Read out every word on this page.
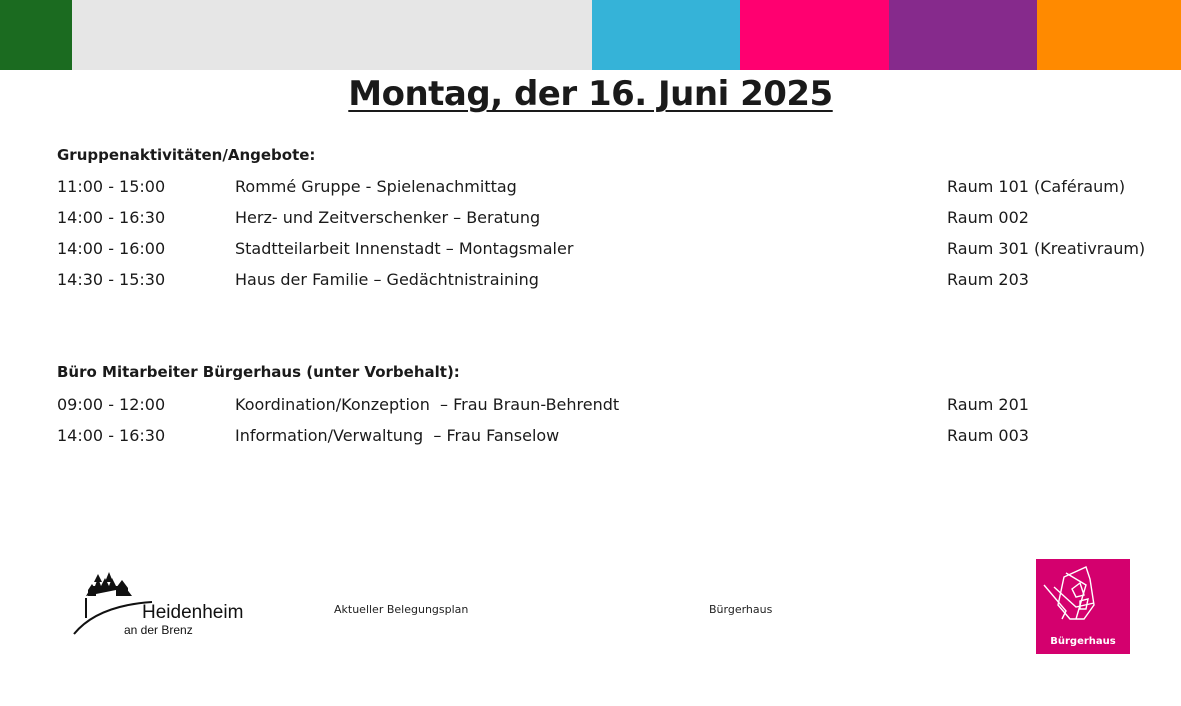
Montag, der 16. Juni 2025
Gruppenaktivitäten/Angebote:
11:00 - 15:00	Rommé Gruppe - Spielenachmittag	Raum 101 (Caféraum)
14:00 - 16:30	Herz- und Zeitverschenker – Beratung	Raum 002
14:00 - 16:00	Stadtteilarbeit Innenstadt – Montagsmaler	Raum 301 (Kreativraum)
14:30 - 15:30	Haus der Familie – Gedächtnistraining	Raum 203
Büro Mitarbeiter Bürgerhaus (unter Vorbehalt):
09:00 - 12:00	Koordination/Konzeption  – Frau Braun-Behrendt	Raum 201
14:00 - 16:30	Information/Verwaltung  – Frau Fanselow	Raum 003
Heidenheim
an der Brenz
Aktueller Belegungsplan	Bürgerhaus
Bürgerhaus
